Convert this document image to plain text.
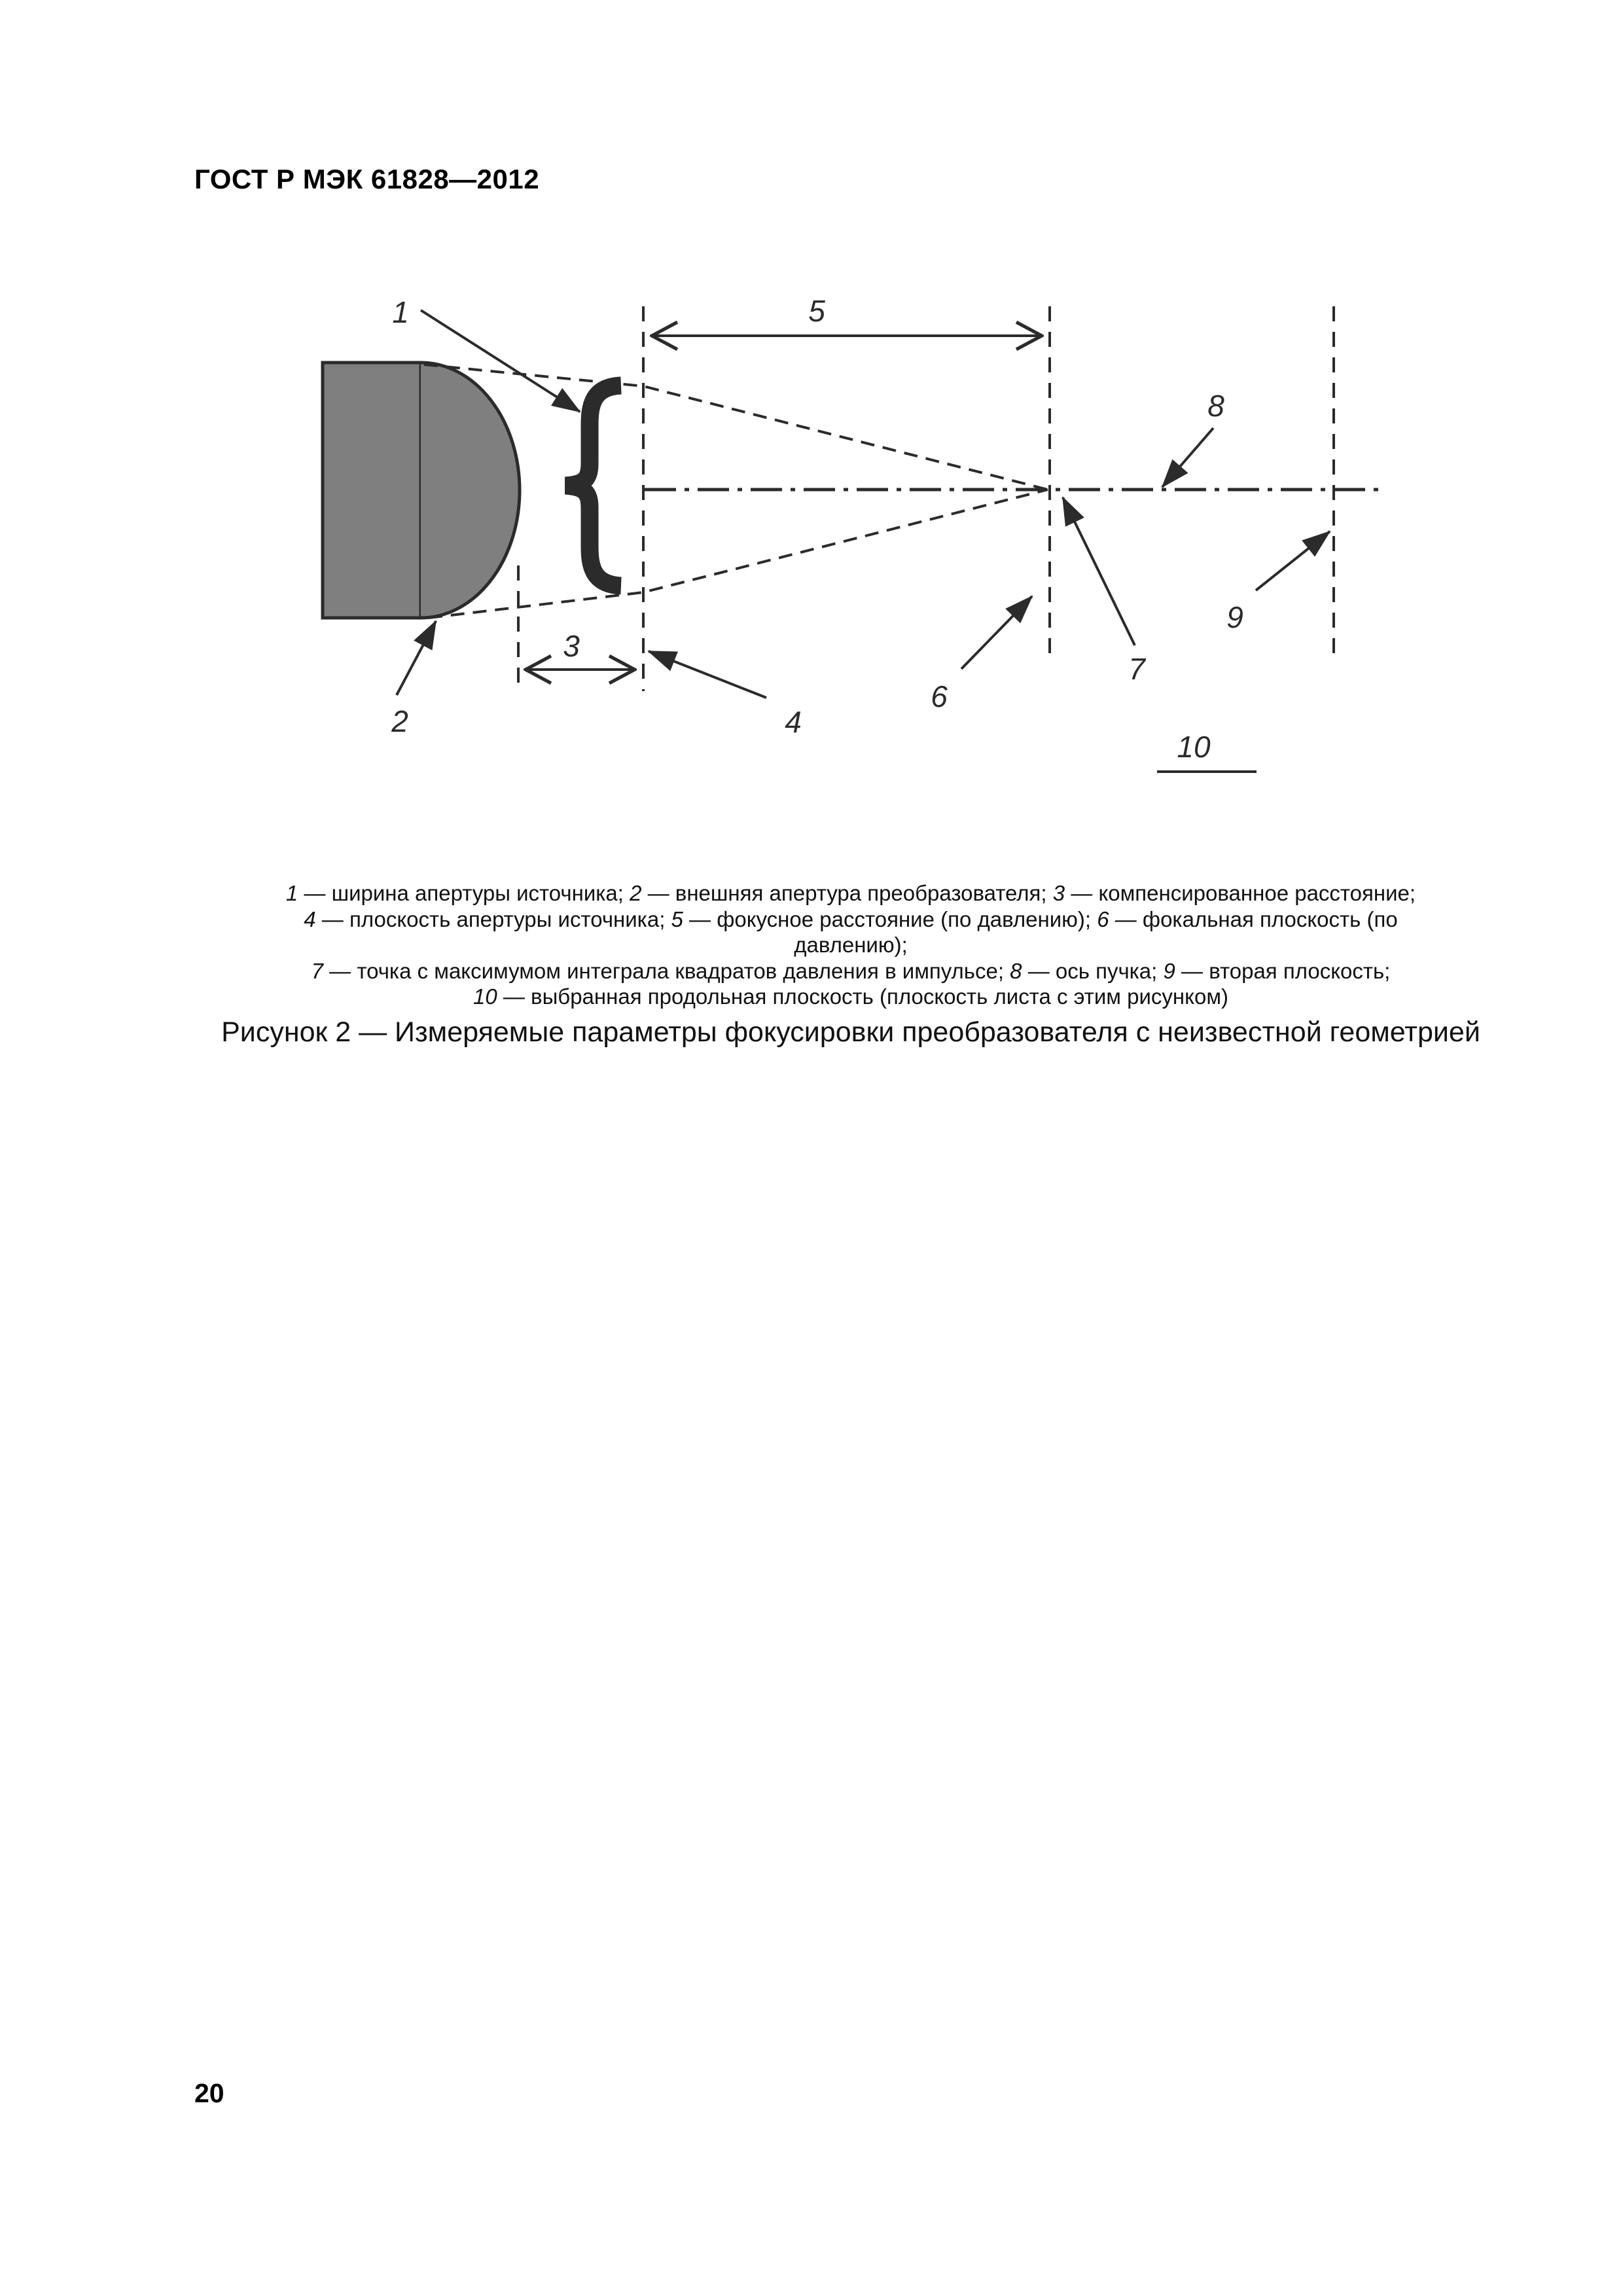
ГОСТ Р МЭК 61828—2012
1
2
3
4
5
6
7
8
9
10
1 — ширина апертуры источника; 2 — внешняя апертура преобразователя; 3 — компенсированное расстояние;
4 — плоскость апертуры источника; 5 — фокусное расстояние (по давлению); 6 — фокальная плоскость (по давлению);
7 — точка с максимумом интеграла квадратов давления в импульсе; 8 — ось пучка; 9 — вторая плоскость;
10 — выбранная продольная плоскость (плоскость листа с этим рисунком)
Рисунок 2 — Измеряемые параметры фокусировки преобразователя с неизвестной геометрией
20
